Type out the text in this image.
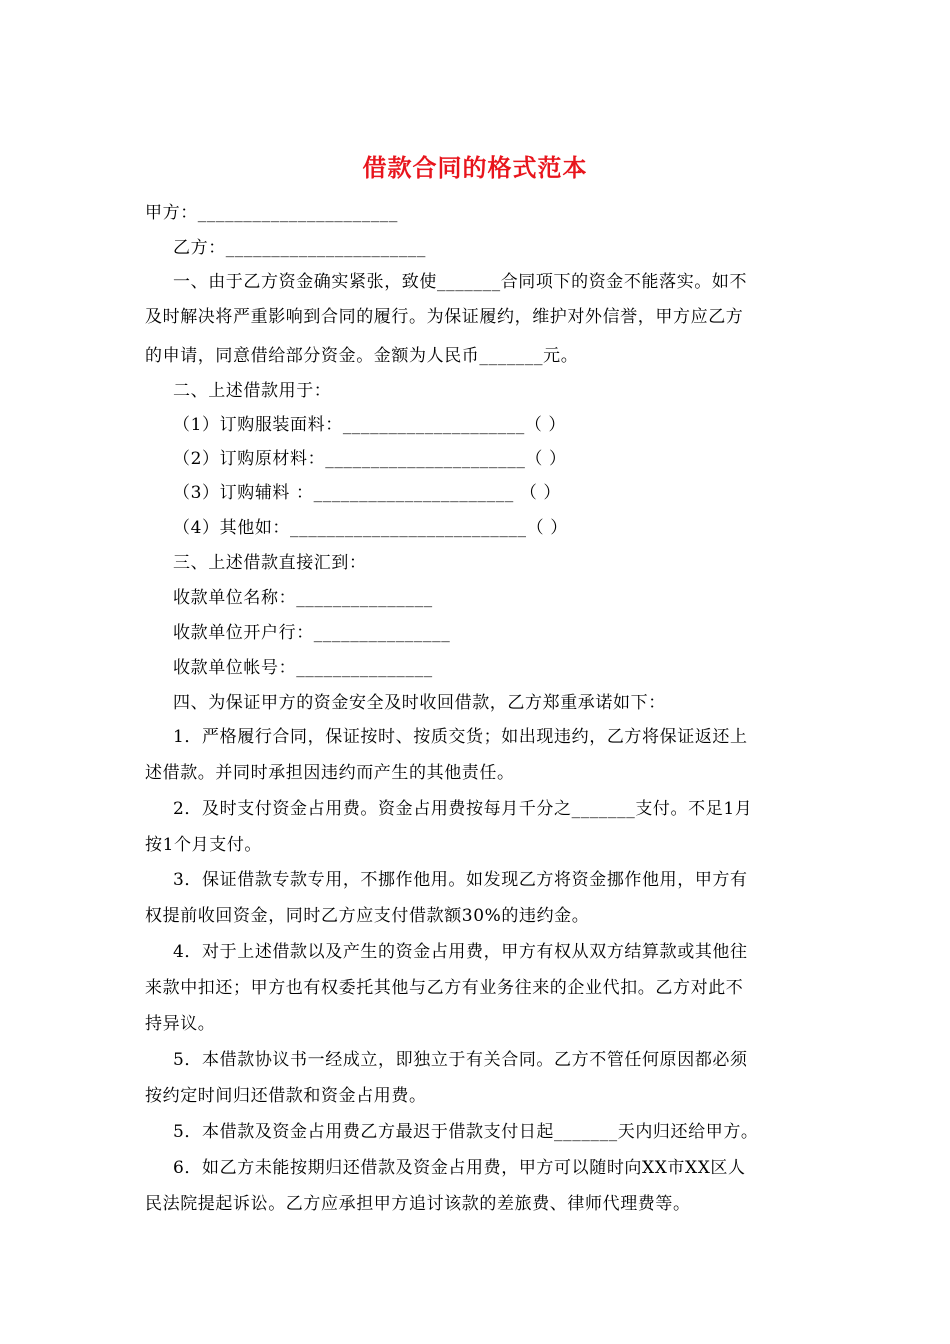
借款合同的格式范本
甲方：______________________
乙方：______________________
一、由于乙方资金确实紧张，致使_______合同项下的资金不能落实。如不
及时解决将严重影响到合同的履行。为保证履约，维护对外信誉，甲方应乙方
的申请，同意借给部分资金。金额为人民币_______元。
二、上述借款用于：
（1）订购服装面料：____________________（ ）
（2）订购原材料：______________________（ ）
（3）订购辅料 ：______________________ （ ）
（4）其他如：__________________________（ ）
三、上述借款直接汇到：
收款单位名称：_______________
收款单位开户行：_______________
收款单位帐号：_______________
四、为保证甲方的资金安全及时收回借款，乙方郑重承诺如下：
1．严格履行合同，保证按时、按质交货；如出现违约，乙方将保证返还上
述借款。并同时承担因违约而产生的其他责任。
2．及时支付资金占用费。资金占用费按每月千分之_______支付。不足1月
按1个月支付。
3．保证借款专款专用，不挪作他用。如发现乙方将资金挪作他用，甲方有
权提前收回资金，同时乙方应支付借款额30%的违约金。
4．对于上述借款以及产生的资金占用费，甲方有权从双方结算款或其他往
来款中扣还；甲方也有权委托其他与乙方有业务往来的企业代扣。乙方对此不
持异议。
5．本借款协议书一经成立，即独立于有关合同。乙方不管任何原因都必须
按约定时间归还借款和资金占用费。
5．本借款及资金占用费乙方最迟于借款支付日起_______天内归还给甲方。
6．如乙方未能按期归还借款及资金占用费，甲方可以随时向XX市XX区人
民法院提起诉讼。乙方应承担甲方追讨该款的差旅费、律师代理费等。
